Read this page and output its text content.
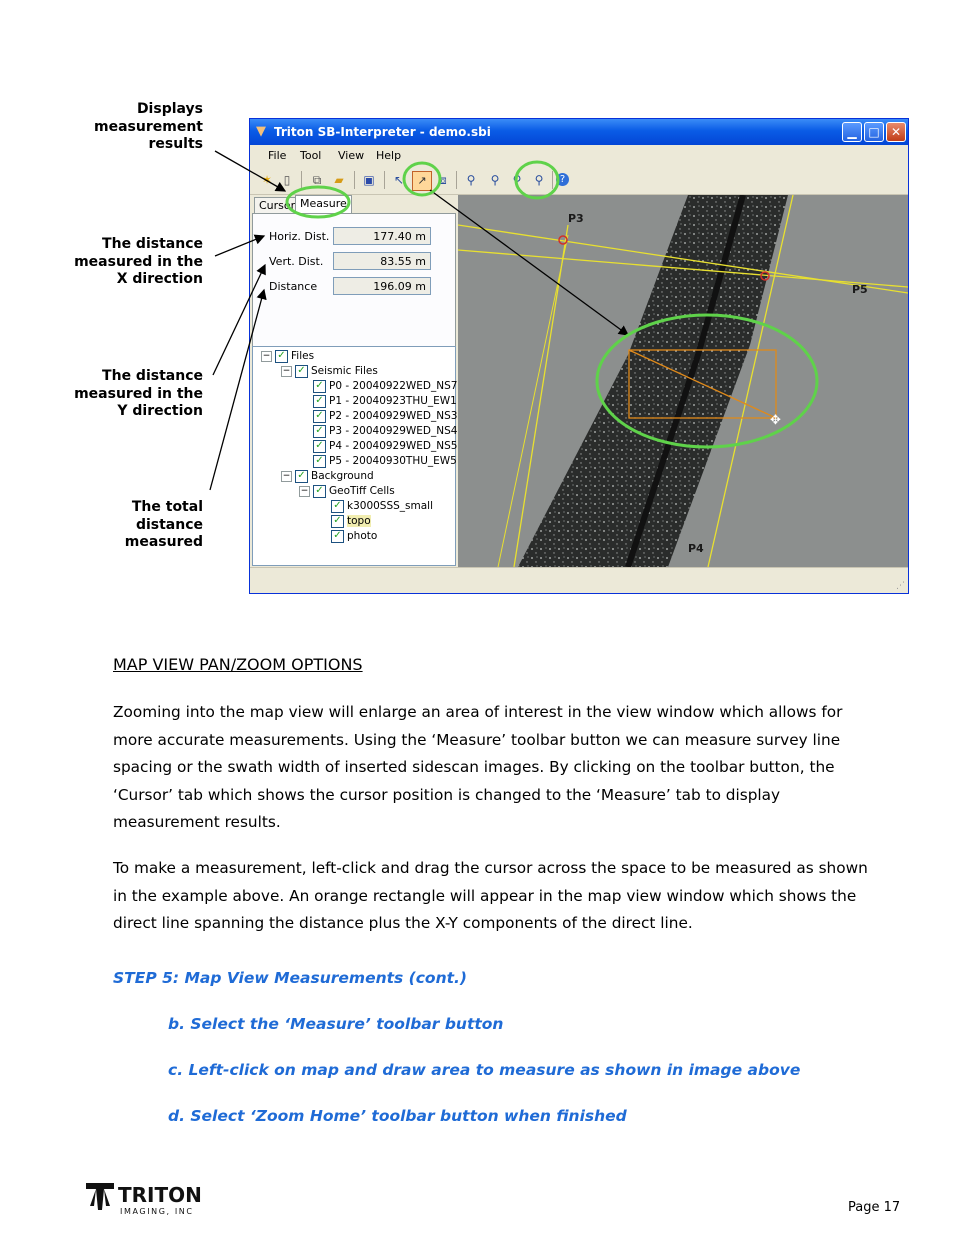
Displays
measurement
results
The distance
measured in the
X direction
The distance
measured in the
Y direction
The total
distance
measured
▼ Triton SB-Interpreter - demo.sbi	▁ □ ✕
File Tool View Help
✶ ▯	⧉	▰	▣	↖	↗	⧈	⚲	⚲	⚲	⚲	?
Cursor Measure
Horiz. Dist.	177.40 m
Vert. Dist.	83.55 m
Distance	196.09 m
− ✓ Files
− ✓ Seismic Files
✓ P0 - 20040922WED_NS7
✓ P1 - 20040923THU_EW1
✓ P2 - 20040929WED_NS3
✓ P3 - 20040929WED_NS4
✓ P4 - 20040929WED_NS5
✓ P5 - 20040930THU_EW5
− ✓ Background
− ✓ GeoTiff Cells
✓ k3000SSS_small
✓ topo
✓ photo
P3
P5
P4
✥
⋰
MAP VIEW PAN/ZOOM OPTIONS
Zooming into the map view will enlarge an area of interest in the view window which allows for more accurate measurements. Using the ‘Measure’ toolbar button we can measure survey line spacing or the swath width of inserted sidescan images. By clicking on the toolbar button, the ‘Cursor’ tab which shows the cursor position is changed to the ‘Measure’ tab to display measurement results.
To make a measurement, left-click and drag the cursor across the space to be measured as shown in the example above. An orange rectangle will appear in the map view window which shows the direct line spanning the distance plus the X-Y components of the direct line.
STEP 5: Map View Measurements (cont.)
b. Select the ‘Measure’ toolbar button
c. Left-click on map and draw area to measure as shown in image above
d. Select ‘Zoom Home’ toolbar button when finished
TRITON
IMAGING, INC	Page 17
